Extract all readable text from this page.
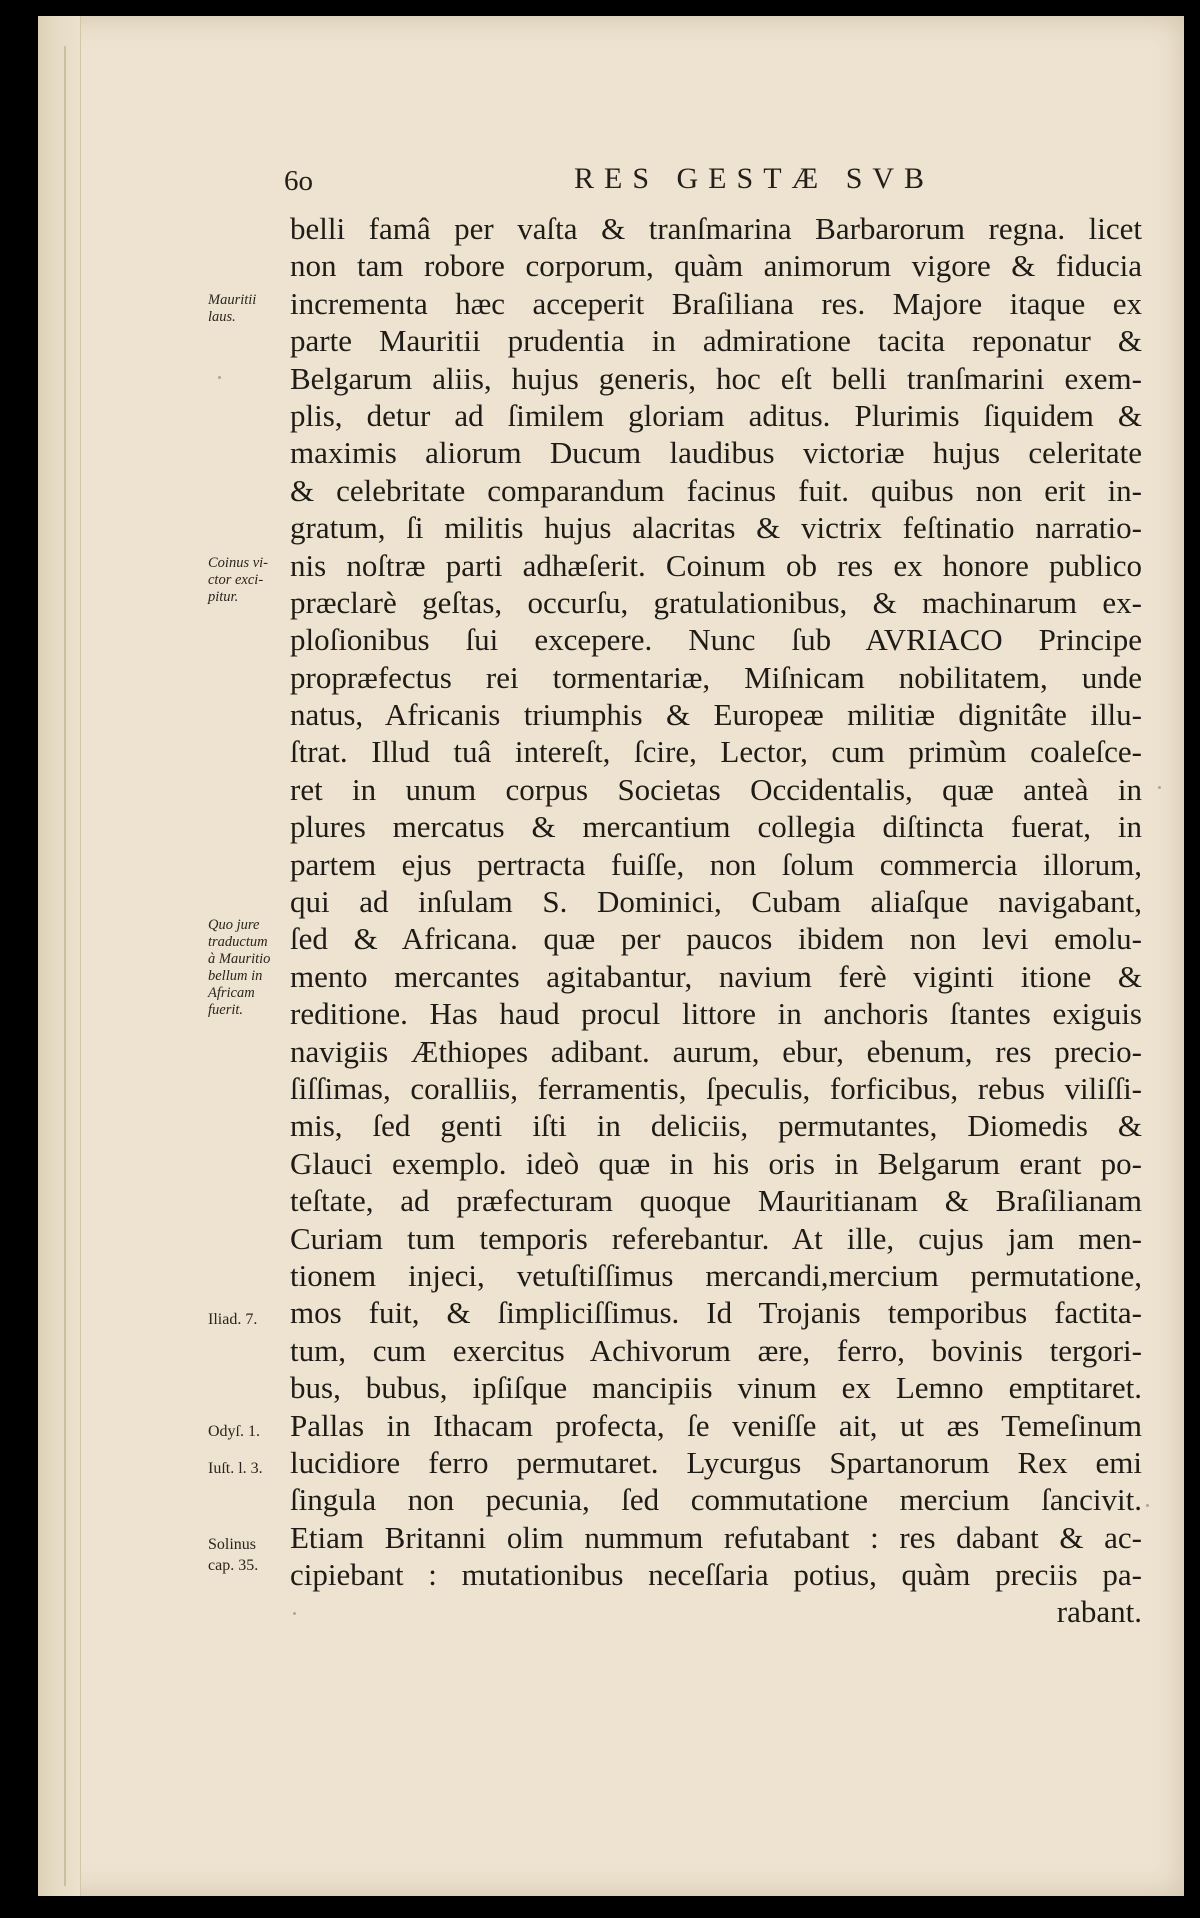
6o	RES GESTÆ SVB
belli famâ per vaſta & tranſmarina Barbarorum regna. licet
non tam robore corporum, quàm animorum vigore & fiducia
incrementa hæc acceperit Braſiliana res. Majore itaque ex
parte Mauritii prudentia in admiratione tacita reponatur &
Belgarum aliis, hujus generis, hoc eſt belli tranſmarini exem-
plis, detur ad ſimilem gloriam aditus. Plurimis ſiquidem &
maximis aliorum Ducum laudibus victoriæ hujus celeritate
& celebritate comparandum facinus fuit. quibus non erit in-
gratum, ſi militis hujus alacritas & victrix feſtinatio narratio-
nis noſtræ parti adhæſerit. Coinum ob res ex honore publico
præclarè geſtas, occurſu, gratulationibus, & machinarum ex-
ploſionibus ſui excepere. Nunc ſub AVRIACO Principe
propræfectus rei tormentariæ, Miſnicam nobilitatem, unde
natus, Africanis triumphis & Europeæ militiæ dignitâte illu-
ſtrat. Illud tuâ intereſt, ſcire, Lector, cum primùm coaleſce-
ret in unum corpus Societas Occidentalis, quæ anteà in
plures mercatus & mercantium collegia diſtincta fuerat, in
partem ejus pertracta fuiſſe, non ſolum commercia illorum,
qui ad inſulam S. Dominici, Cubam aliaſque navigabant,
ſed & Africana. quæ per paucos ibidem non levi emolu-
mento mercantes agitabantur, navium ferè viginti itione &
reditione. Has haud procul littore in anchoris ſtantes exiguis
navigiis Æthiopes adibant. aurum, ebur, ebenum, res precio-
ſiſſimas, coralliis, ferramentis, ſpeculis, forficibus, rebus viliſſi-
mis, ſed genti iſti in deliciis, permutantes, Diomedis &
Glauci exemplo. ideò quæ in his oris in Belgarum erant po-
teſtate, ad præfecturam quoque Mauritianam & Braſilianam
Curiam tum temporis referebantur. At ille, cujus jam men-
tionem injeci, vetuſtiſſimus mercandi,mercium permutatione,
mos fuit, & ſimpliciſſimus. Id Trojanis temporibus factita-
tum, cum exercitus Achivorum ære, ferro, bovinis tergori-
bus, bubus, ipſiſque mancipiis vinum ex Lemno emptitaret.
Pallas in Ithacam profecta, ſe veniſſe ait, ut æs Temeſinum
lucidiore ferro permutaret. Lycurgus Spartanorum Rex emi
ſingula non pecunia, ſed commutatione mercium ſancivit.
Etiam Britanni olim nummum refutabant : res dabant & ac-
cipiebant : mutationibus neceſſaria potius, quàm preciis pa-
rabant.
Mauritii
laus.
Coinus vi-
ctor exci-
pitur.
Quo jure
traductum
à Mauritio
bellum in
Africam
fuerit.
Iliad. 7.
Odyſ. 1.
Iuſt. l. 3.
Solinus
cap. 35.
